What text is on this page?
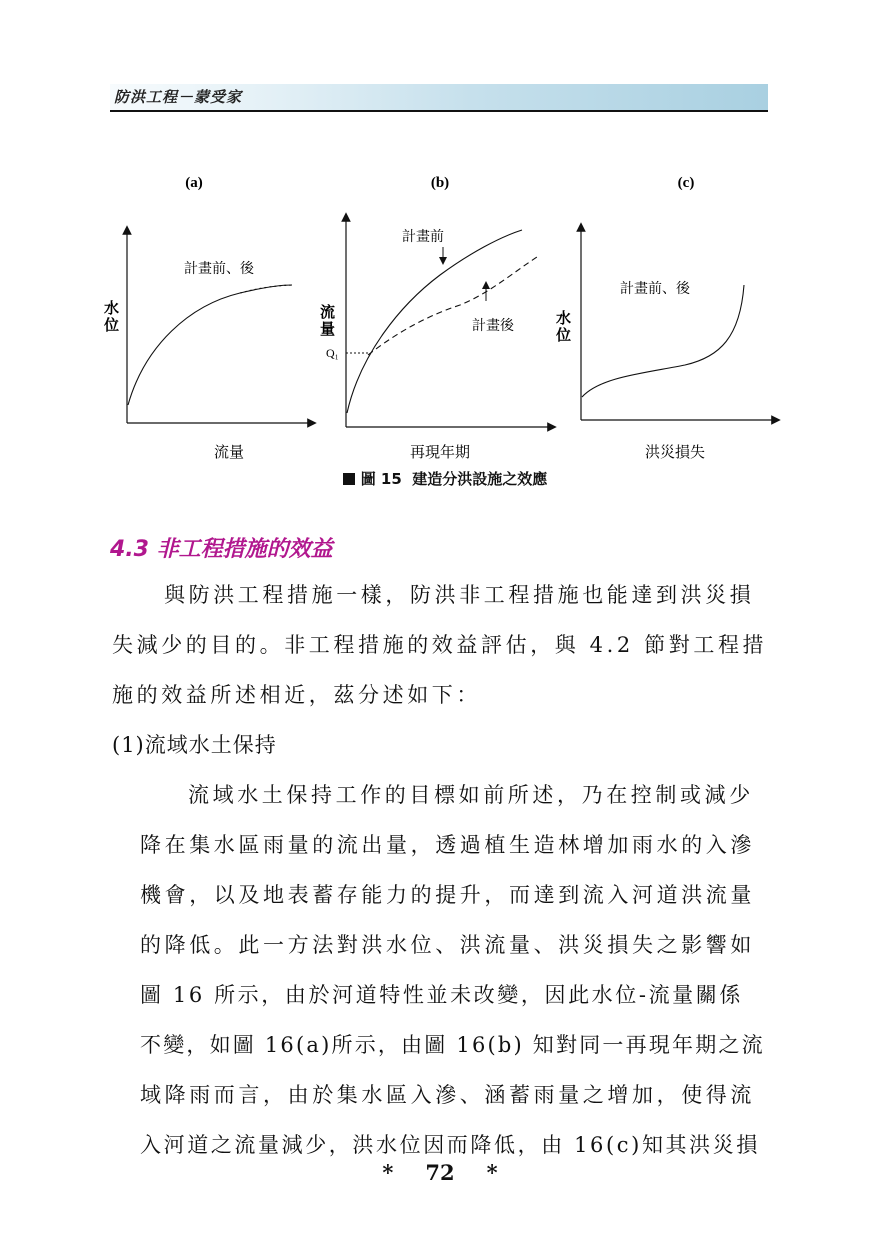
防洪工程－蒙受家
(a)
計畫前、後
水位
流量
(b)
Q₁
計畫前
計畫後
流量
再現年期
(c)
計畫前、後
水位
洪災損失
圖 15 建造分洪設施之效應
4.3 非工程措施的效益
與防洪工程措施一樣，防洪非工程措施也能達到洪災損
失減少的目的。非工程措施的效益評估，與 4.2 節對工程措
施的效益所述相近，茲分述如下：
(1)流域水土保持
流域水土保持工作的目標如前所述，乃在控制或減少
降在集水區雨量的流出量，透過植生造林增加雨水的入滲
機會，以及地表蓄存能力的提升，而達到流入河道洪流量
的降低。此一方法對洪水位、洪流量、洪災損失之影響如
圖 16 所示，由於河道特性並未改變，因此水位-流量關係
不變，如圖 16(a)所示，由圖 16(b) 知對同一再現年期之流
域降雨而言，由於集水區入滲、涵蓄雨量之增加，使得流
入河道之流量減少，洪水位因而降低，由 16(c)知其洪災損
* 72 *
